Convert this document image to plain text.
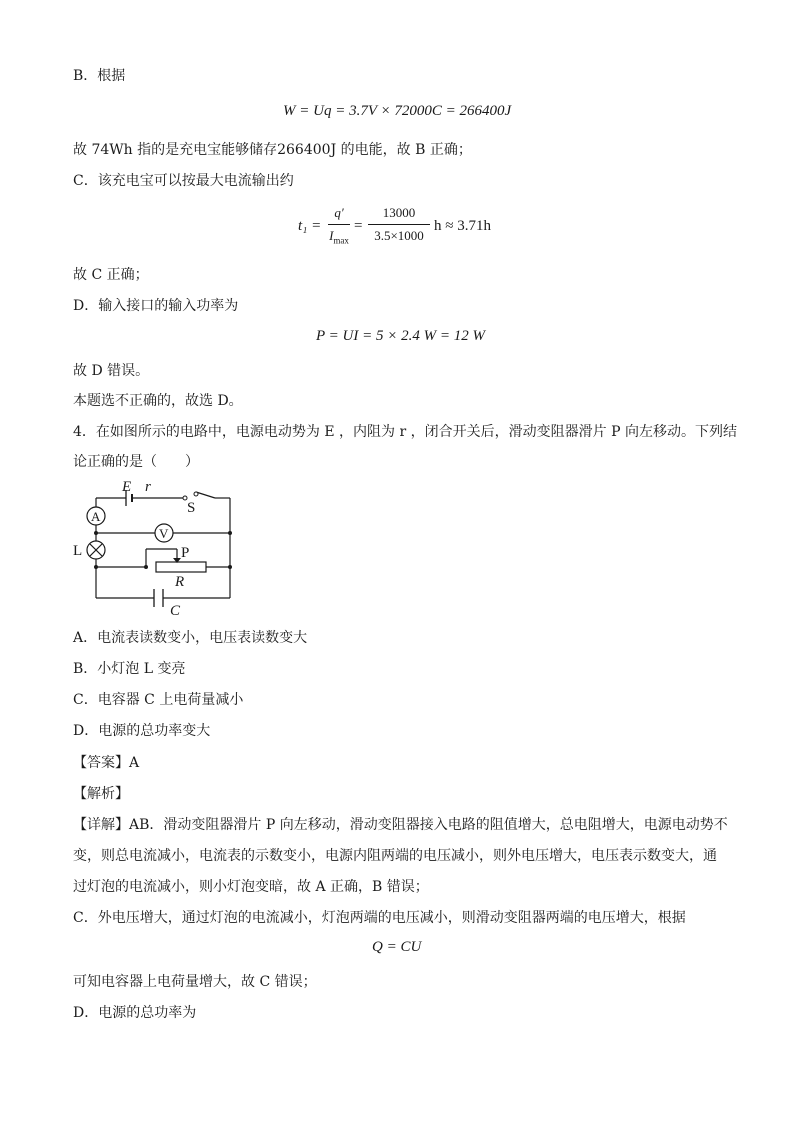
B．根据
W = Uq = 3.7V × 72000C = 266400J
故 74Wh 指的是充电宝能够储存266400J 的电能，故 B 正确；
C．该充电宝可以按最大电流输出约
t₁ =
q′
$I_{max}$
=
13000
3.5×1000
h ≈ 3.71h
故 C 正确；
D．输入接口的输入功率为
P = UI = 5 × 2.4 W = 12 W
故 D 错误。
本题选不正确的，故选 D。
4．在如图所示的电路中，电源电动势为 E ，内阻为 r ，闭合开关后，滑动变阻器滑片 P 向左移动。下列结
论正确的是（　　）
E r
S
A
V
L	P
R
C
A．电流表读数变小，电压表读数变大
B．小灯泡 L 变亮
C．电容器 C 上电荷量减小
D．电源的总功率变大
【答案】A
【解析】
【详解】AB．滑动变阻器滑片 P 向左移动，滑动变阻器接入电路的阻值增大，总电阻增大，电源电动势不
变，则总电流减小，电流表的示数变小，电源内阻两端的电压减小，则外电压增大，电压表示数变大，通
过灯泡的电流减小，则小灯泡变暗，故 A 正确，B 错误；
C．外电压增大，通过灯泡的电流减小，灯泡两端的电压减小，则滑动变阻器两端的电压增大，根据
Q = CU
可知电容器上电荷量增大，故 C 错误；
D．电源的总功率为
